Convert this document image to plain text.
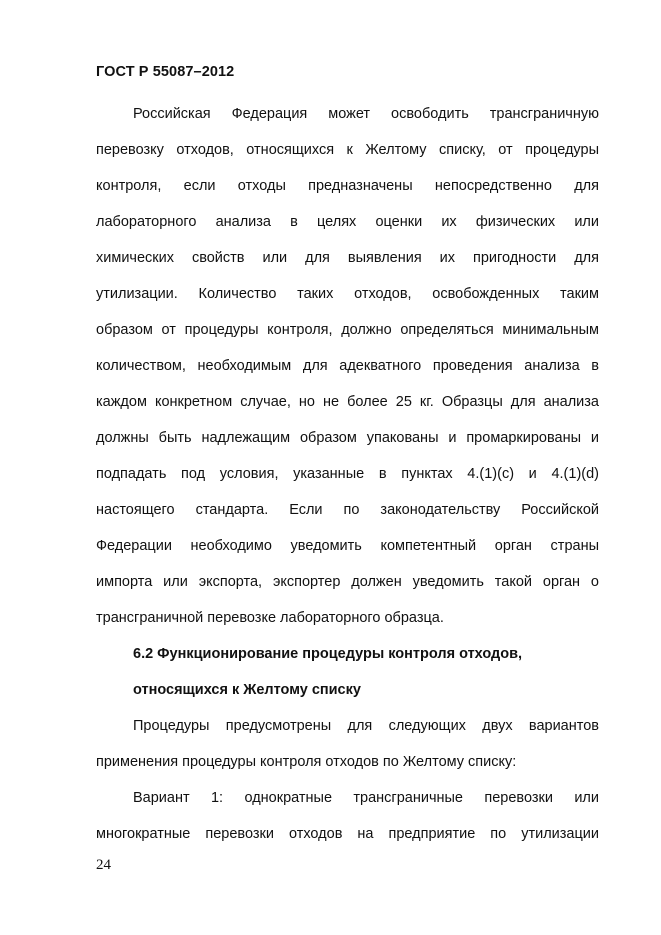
ГОСТ Р 55087–2012
Российская Федерация может освободить трансграничную
перевозку отходов, относящихся к Желтому списку, от процедуры
контроля, если отходы предназначены непосредственно для
лабораторного анализа в целях оценки их физических или
химических свойств или для выявления их пригодности для
утилизации. Количество таких отходов, освобожденных таким
образом от процедуры контроля, должно определяться минимальным
количеством, необходимым для адекватного проведения анализа в
каждом конкретном случае, но не более 25 кг. Образцы для анализа
должны быть надлежащим образом упакованы и промаркированы и
подпадать под условия, указанные в пунктах 4.(1)(c) и 4.(1)(d)
настоящего стандарта. Если по законодательству Российской
Федерации необходимо уведомить компетентный орган страны
импорта или экспорта, экспортер должен уведомить такой орган о
трансграничной перевозке лабораторного образца.
6.2 Функционирование процедуры контроля отходов,
относящихся к Желтому списку
Процедуры предусмотрены для следующих двух вариантов
применения процедуры контроля отходов по Желтому списку:
Вариант 1: однократные трансграничные перевозки или
многократные перевозки отходов на предприятие по утилизации
24
